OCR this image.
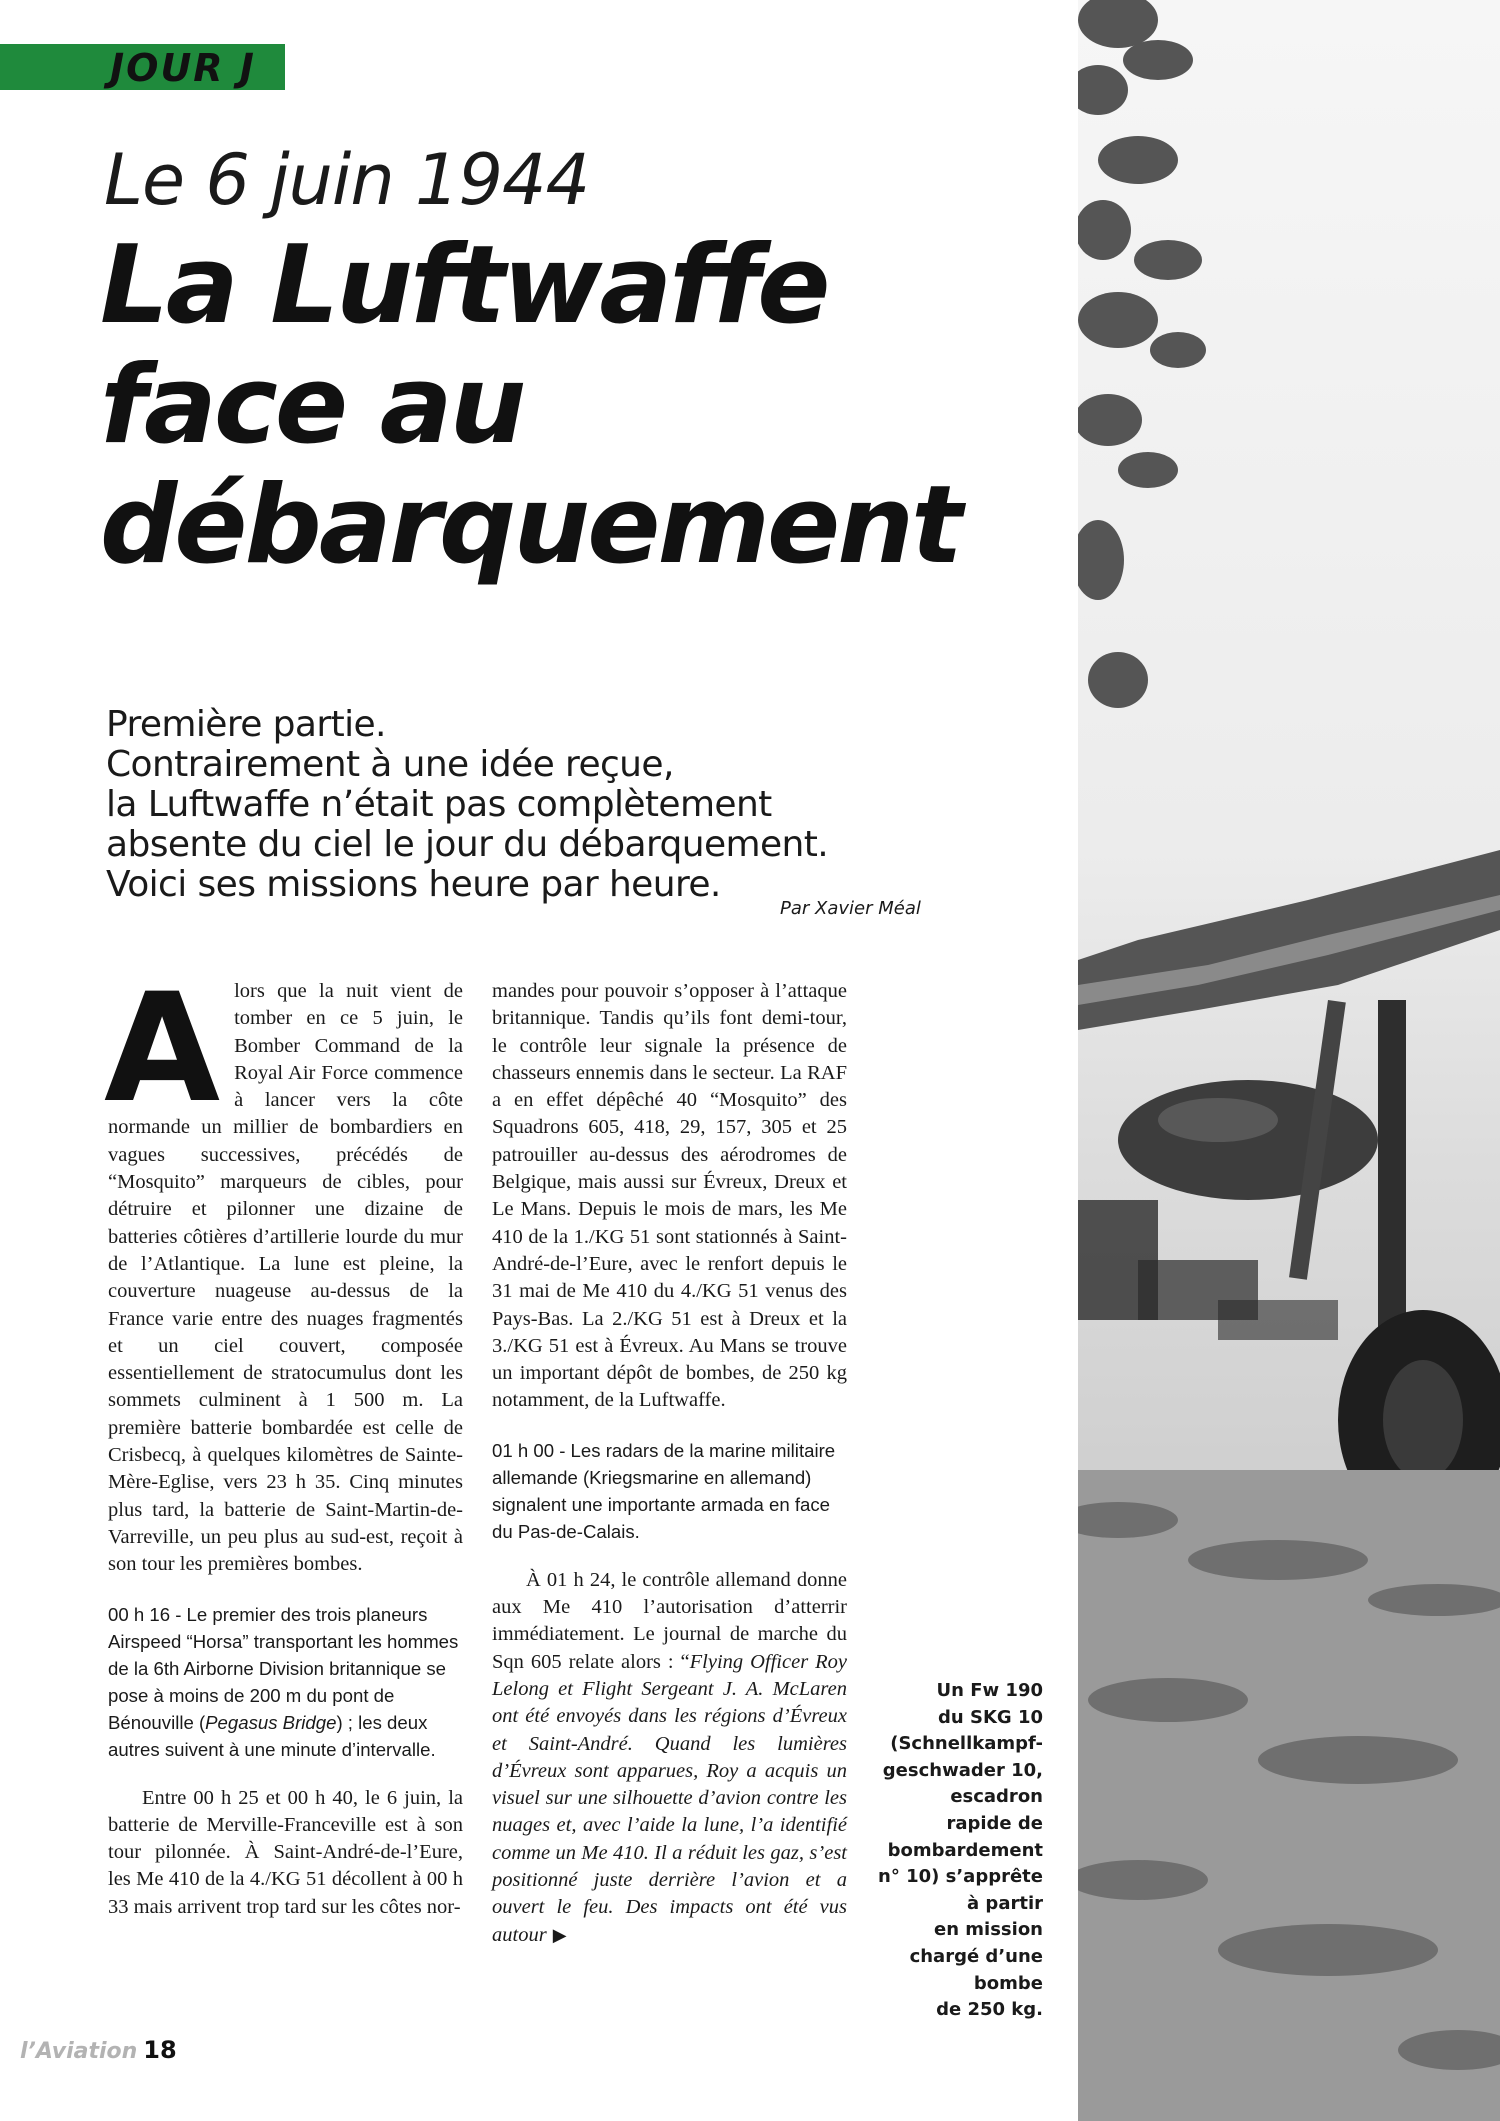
JOUR J
Le 6 juin 1944
La Luftwaffe
face au
débarquement
Première partie.
Contrairement à une idée reçue,
la Luftwaffe n’était pas complètement
absente du ciel le jour du débarquement.
Voici ses missions heure par heure.
Par Xavier Méal

Alors que la nuit vient de tomber en ce 5 juin, le Bomber Command de la Royal Air Force commence à lancer vers la côte normande un millier de bombardiers en vagues successives, précédés de “Mosquito” marqueurs de cibles, pour détruire et pilonner une dizaine de batteries côtières d’artillerie lourde du mur de l’Atlantique. La lune est pleine, la couverture nuageuse au-dessus de la France varie entre des nuages fragmentés et un ciel couvert, composée essentiellement de stratocumulus dont les sommets culminent à 1 500 m. La première batterie bombardée est celle de Crisbecq, à quelques kilomètres de Sainte-Mère-Eglise, vers 23 h 35. Cinq minutes plus tard, la batterie de Saint-Martin-de-Varreville, un peu plus au sud-est, reçoit à son tour les premières bombes.

00 h 16 - Le premier des trois planeurs Airspeed “Horsa” transportant les hommes de la 6th Airborne Division britannique se pose à moins de 200 m du pont de Bénouville (Pegasus Bridge) ; les deux autres suivent à une minute d’intervalle.

Entre 00 h 25 et 00 h 40, le 6 juin, la batterie de Merville-Franceville est à son tour pilonnée. À Saint-André-de-l’Eure, les Me 410 de la 4./KG 51 décollent à 00 h 33 mais arrivent trop tard sur les côtes nor-

mandes pour pouvoir s’opposer à l’attaque britannique. Tandis qu’ils font demi-tour, le contrôle leur signale la présence de chasseurs ennemis dans le secteur. La RAF a en effet dépêché 40 “Mosquito” des Squadrons 605, 418, 29, 157, 305 et 25 patrouiller au-dessus des aérodromes de Belgique, mais aussi sur Évreux, Dreux et Le Mans. Depuis le mois de mars, les Me 410 de la 1./KG 51 sont stationnés à Saint-André-de-l’Eure, avec le renfort depuis le 31 mai de Me 410 du 4./KG 51 venus des Pays-Bas. La 2./KG 51 est à Dreux et la 3./KG 51 est à Évreux. Au Mans se trouve un important dépôt de bombes, de 250 kg notamment, de la Luftwaffe.

01 h 00 - Les radars de la marine militaire allemande (Kriegsmarine en allemand) signalent une importante armada en face du Pas-de-Calais.

À 01 h 24, le contrôle allemand donne aux Me 410 l’autorisation d’atterrir immédiatement. Le journal de marche du Sqn 605 relate alors : “Flying Officer Roy Lelong et Flight Sergeant J. A. McLaren ont été envoyés dans les régions d’Évreux et Saint-André. Quand les lumières d’Évreux sont apparues, Roy a acquis un visuel sur une silhouette d’avion contre les nuages et, avec l’aide la lune, l’a identifié comme un Me 410. Il a réduit les gaz, s’est positionné juste derrière l’avion et a ouvert le feu. Des impacts ont été vus autour ▶

Un Fw 190
du SKG 10
(Schnellkampf-
geschwader 10,
escadron
rapide de
bombardement
n° 10) s’apprête
à partir
en mission
chargé d’une
bombe
de 250 kg.
l’Aviation 18
